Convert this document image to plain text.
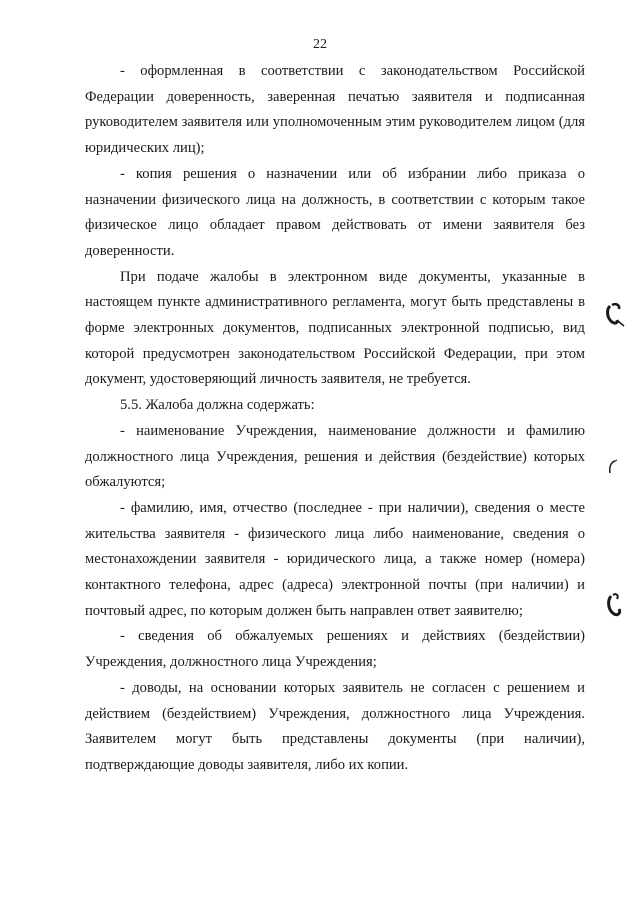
22

- оформленная в соответствии с законодательством Российской Федерации доверенность, заверенная печатью заявителя и подписанная руководителем заявителя или уполномоченным этим руководителем лицом (для юридических лиц);

- копия решения о назначении или об избрании либо приказа о назначении физического лица на должность, в соответствии с которым такое физическое лицо обладает правом действовать от имени заявителя без доверенности.

При подаче жалобы в электронном виде документы, указанные в настоящем пункте административного регламента, могут быть представлены в форме электронных документов, подписанных электронной подписью, вид которой предусмотрен законодательством Российской Федерации, при этом документ, удостоверяющий личность заявителя, не требуется.

5.5. Жалоба должна содержать:

- наименование Учреждения, наименование должности и фамилию должностного лица Учреждения, решения и действия (бездействие) которых обжалуются;

- фамилию, имя, отчество (последнее - при наличии), сведения о месте жительства заявителя - физического лица либо наименование, сведения о местонахождении заявителя - юридического лица, а также номер (номера) контактного телефона, адрес (адреса) электронной почты (при наличии) и почтовый адрес, по которым должен быть направлен ответ заявителю;

- сведения об обжалуемых решениях и действиях (бездействии) Учреждения, должностного лица Учреждения;

- доводы, на основании которых заявитель не согласен с решением и действием (бездействием) Учреждения, должностного лица Учреждения. Заявителем могут быть представлены документы (при наличии), подтверждающие доводы заявителя, либо их копии.
